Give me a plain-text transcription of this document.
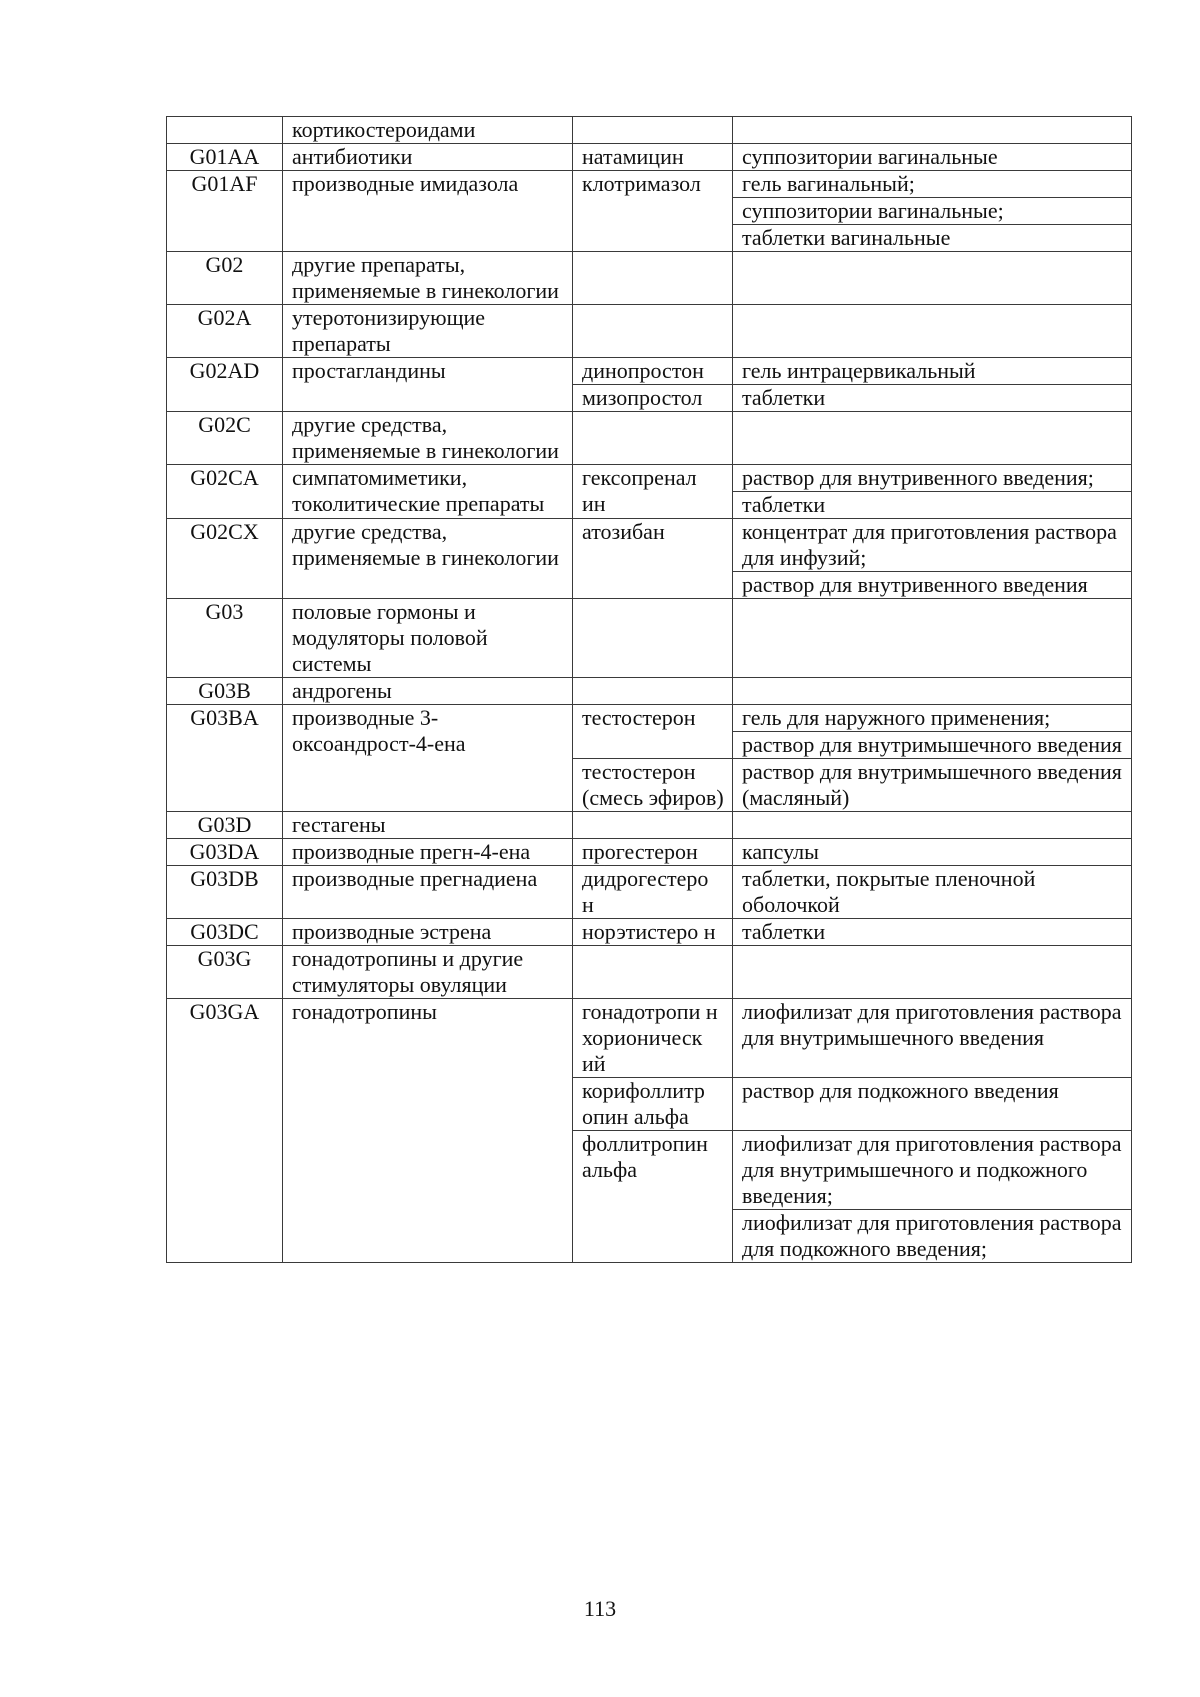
	кортикостероидами		

G01AA	антибиотики	натамицин	суппозитории вагинальные

G01AF	производные имидазола	клотримазол	гель вагинальный;
суппозитории вагинальные;
таблетки вагинальные

G02	другие препараты, применяемые в гинекологии		

G02A	утеротонизирующие препараты		

G02AD	простагландины	динопростон	гель интрацервикальный

		мизопростол	таблетки

G02C	другие средства, применяемые в гинекологии		

G02CA	симпатомиметики, токолитические препараты	гексопренал ин	раствор для внутривенного введения;
таблетки

G02CX	другие средства, применяемые в гинекологии	атозибан	концентрат для приготовления раствора для инфузий;
раствор для внутривенного введения

G03	половые гормоны и модуляторы половой системы		

G03B	андрогены		

G03BA	производные 3-оксоандрост-4-ена	тестостерон	гель для наружного применения;
раствор для внутримышечного введения

		тестостерон (смесь эфиров)	раствор для внутримышечного введения (масляный)

G03D	гестагены		

G03DA	производные прегн-4-ена	прогестерон	капсулы

G03DB	производные прегнадиена	дидрогестеро н	таблетки, покрытые пленочной оболочкой

G03DC	производные эстрена	норэтистеро н	таблетки

G03G	гонадотропины и другие стимуляторы овуляции		

G03GA	гонадотропины	гонадотропи н хорионическ ий	лиофилизат для приготовления раствора для внутримышечного введения

		корифоллитр опин альфа	раствор для подкожного введения

		фоллитропин альфа	лиофилизат для приготовления раствора для внутримышечного и подкожного введения;
лиофилизат для приготовления раствора для подкожного введения;
113
